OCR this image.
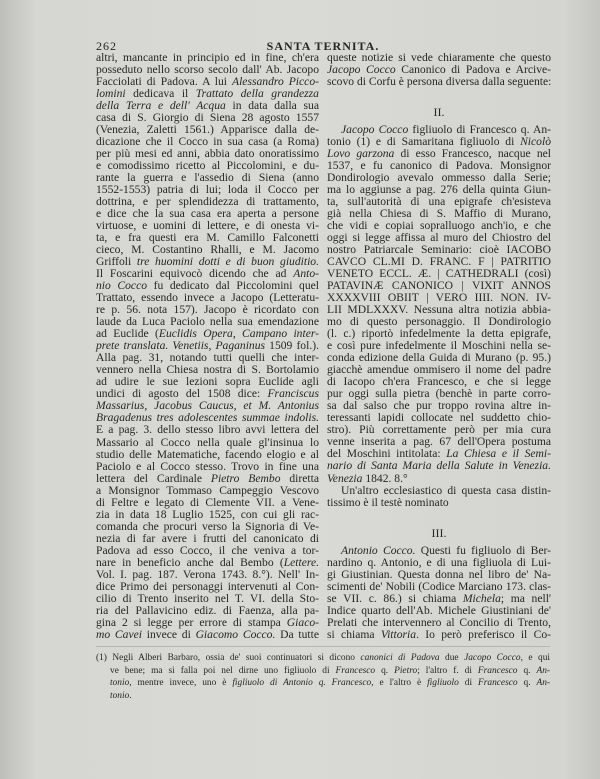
262	SANTA TERNITA.
altri, mancante in principio ed in fine, ch'era
posseduto nello scorso secolo dall' Ab. Jacopo
Facciolati di Padova. A lui Alessandro Picco-
lomini dedicava il Trattato della grandezza
della Terra e dell' Acqua in data dalla sua
casa di S. Giorgio di Siena 28 agosto 1557
(Venezia, Zaletti 1561.) Apparisce dalla de-
dicazione che il Cocco in sua casa (a Roma)
per più mesi ed anni, abbia dato onoratissimo
e comodissimo ricetto al Piccolomini, e du-
rante la guerra e l'assedio di Siena (anno
1552-1553) patria di lui; loda il Cocco per
dottrina, e per splendidezza di trattamento,
e dice che la sua casa era aperta a persone
virtuose, e uomini di lettere, e di onesta vi-
ta, e fra questi era M. Camillo Falconetti
cieco, M. Costantino Rhalli, e M. Jacomo
Griffoli tre huomini dotti e di buon giuditio.
Il Foscarini equivocò dicendo che ad Anto-
nio Cocco fu dedicato dal Piccolomini quel
Trattato, essendo invece a Jacopo (Letteratu-
re p. 56. nota 157). Jacopo è ricordato con
laude da Luca Paciolo nella sua emendazione
ad Euclide (Euclidis Opera, Campano inter-
prete translata. Venetiis, Paganinus 1509 fol.).
Alla pag. 31, notando tutti quelli che inter-
vennero nella Chiesa nostra di S. Bortolamio
ad udire le sue lezioni sopra Euclide agli
undici di agosto del 1508 dice: Franciscus
Massarius, Jacobus Caucus, et M. Antonius
Bragadenus tres adolescentes summae indolis.
E a pag. 3. dello stesso libro avvi lettera del
Massario al Cocco nella quale gl'insinua lo
studio delle Matematiche, facendo elogio e al
Paciolo e al Cocco stesso. Trovo in fine una
lettera del Cardinale Pietro Bembo diretta
a Monsignor Tommaso Campeggio Vescovo
di Feltre e legato di Clemente VII. a Vene-
zia in data 18 Luglio 1525, con cui gli rac-
comanda che procuri verso la Signoria di Ve-
nezia di far avere i frutti del canonicato di
Padova ad esso Cocco, il che veniva a tor-
nare in beneficio anche dal Bembo (Lettere.
Vol. I. pag. 187. Verona 1743. 8.°). Nell' In-
dice Primo dei personaggi intervenuti al Con-
cilio di Trento inserito nel T. VI. della Sto-
ria del Pallavicino ediz. di Faenza, alla pa-
gina 2 si legge per errore di stampa Giaco-
mo Cavei invece di Giacomo Cocco. Da tutte
queste notizie si vede chiaramente che questo
Jacopo Cocco Canonico di Padova e Arcive-
scovo di Corfu è persona diversa dalla seguente:
II.
Jacopo Cocco figliuolo di Francesco q. An-
tonio (1) e di Samaritana figliuolo di Nicolò
Lovo garzona di esso Francesco, nacque nel
1537, e fu canonico di Padova. Monsignor
Dondirologio avevalo ommesso dalla Serie;
ma lo aggiunse a pag. 276 della quinta Giun-
ta, sull'autorità di una epigrafe ch'esisteva
già nella Chiesa di S. Maffio di Murano,
che vidi e copiai sopralluogo anch'io, e che
oggi si legge affissa al muro del Chiostro del
nostro Patriarcale Seminario: cioè IACOBO
CAVCO CL.MI D. FRANC. F | PATRITIO
VENETO ECCL. Æ. | CATHEDRALI (così)
PATAVINÆ CANONICO | VIXIT ANNOS
XXXXVIII OBIIT | VERO IIII. NON. IV-
LII MDLXXXV. Nessuna altra notizia abbia-
mo di questo personaggio. Il Dondirologio
(l. c.) riportò infedelmente la detta epigrafe,
e così pure infedelmente il Moschini nella se-
conda edizione della Guida di Murano (p. 95.)
giacchè amendue ommisero il nome del padre
di Iacopo ch'era Francesco, e che si legge
pur oggi sulla pietra (benchè in parte corro-
sa dal salso che pur troppo rovina altre in-
teressanti lapidi collocate nel suddetto chio-
stro). Più correttamente però per mia cura
venne inserita a pag. 67 dell'Opera postuma
del Moschini intitolata: La Chiesa e il Semi-
nario di Santa Maria della Salute in Venezia.
Venezia 1842. 8.°
Un'altro ecclesiastico di questa casa distin-
tissimo è il testè nominato
III.
Antonio Cocco. Questi fu figliuolo di Ber-
nardino q. Antonio, e di una figliuola di Lui-
gi Giustinian. Questa donna nel libro de' Na-
scimenti de' Nobili (Codice Marciano 173. clas-
se VII. c. 86.) si chiama Michela; ma nell'
Indice quarto dell'Ab. Michele Giustiniani de'
Prelati che intervennero al Concilio di Trento,
si chiama Vittoria. Io però preferisco il Co-
(1) Negli Alberi Barbaro, ossia de' suoi continuatori si dicono canonici di Padova due Jacopo Cocco, e qui
ve bene; ma si falla poi nel dirne uno figliuolo di Francesco q. Pietro; l'altro f. di Francesco q. An-
tonio, mentre invece, uno è figliuolo di Antonio q. Francesco, e l'altro è figliuolo di Francesco q. An-
tonio.
